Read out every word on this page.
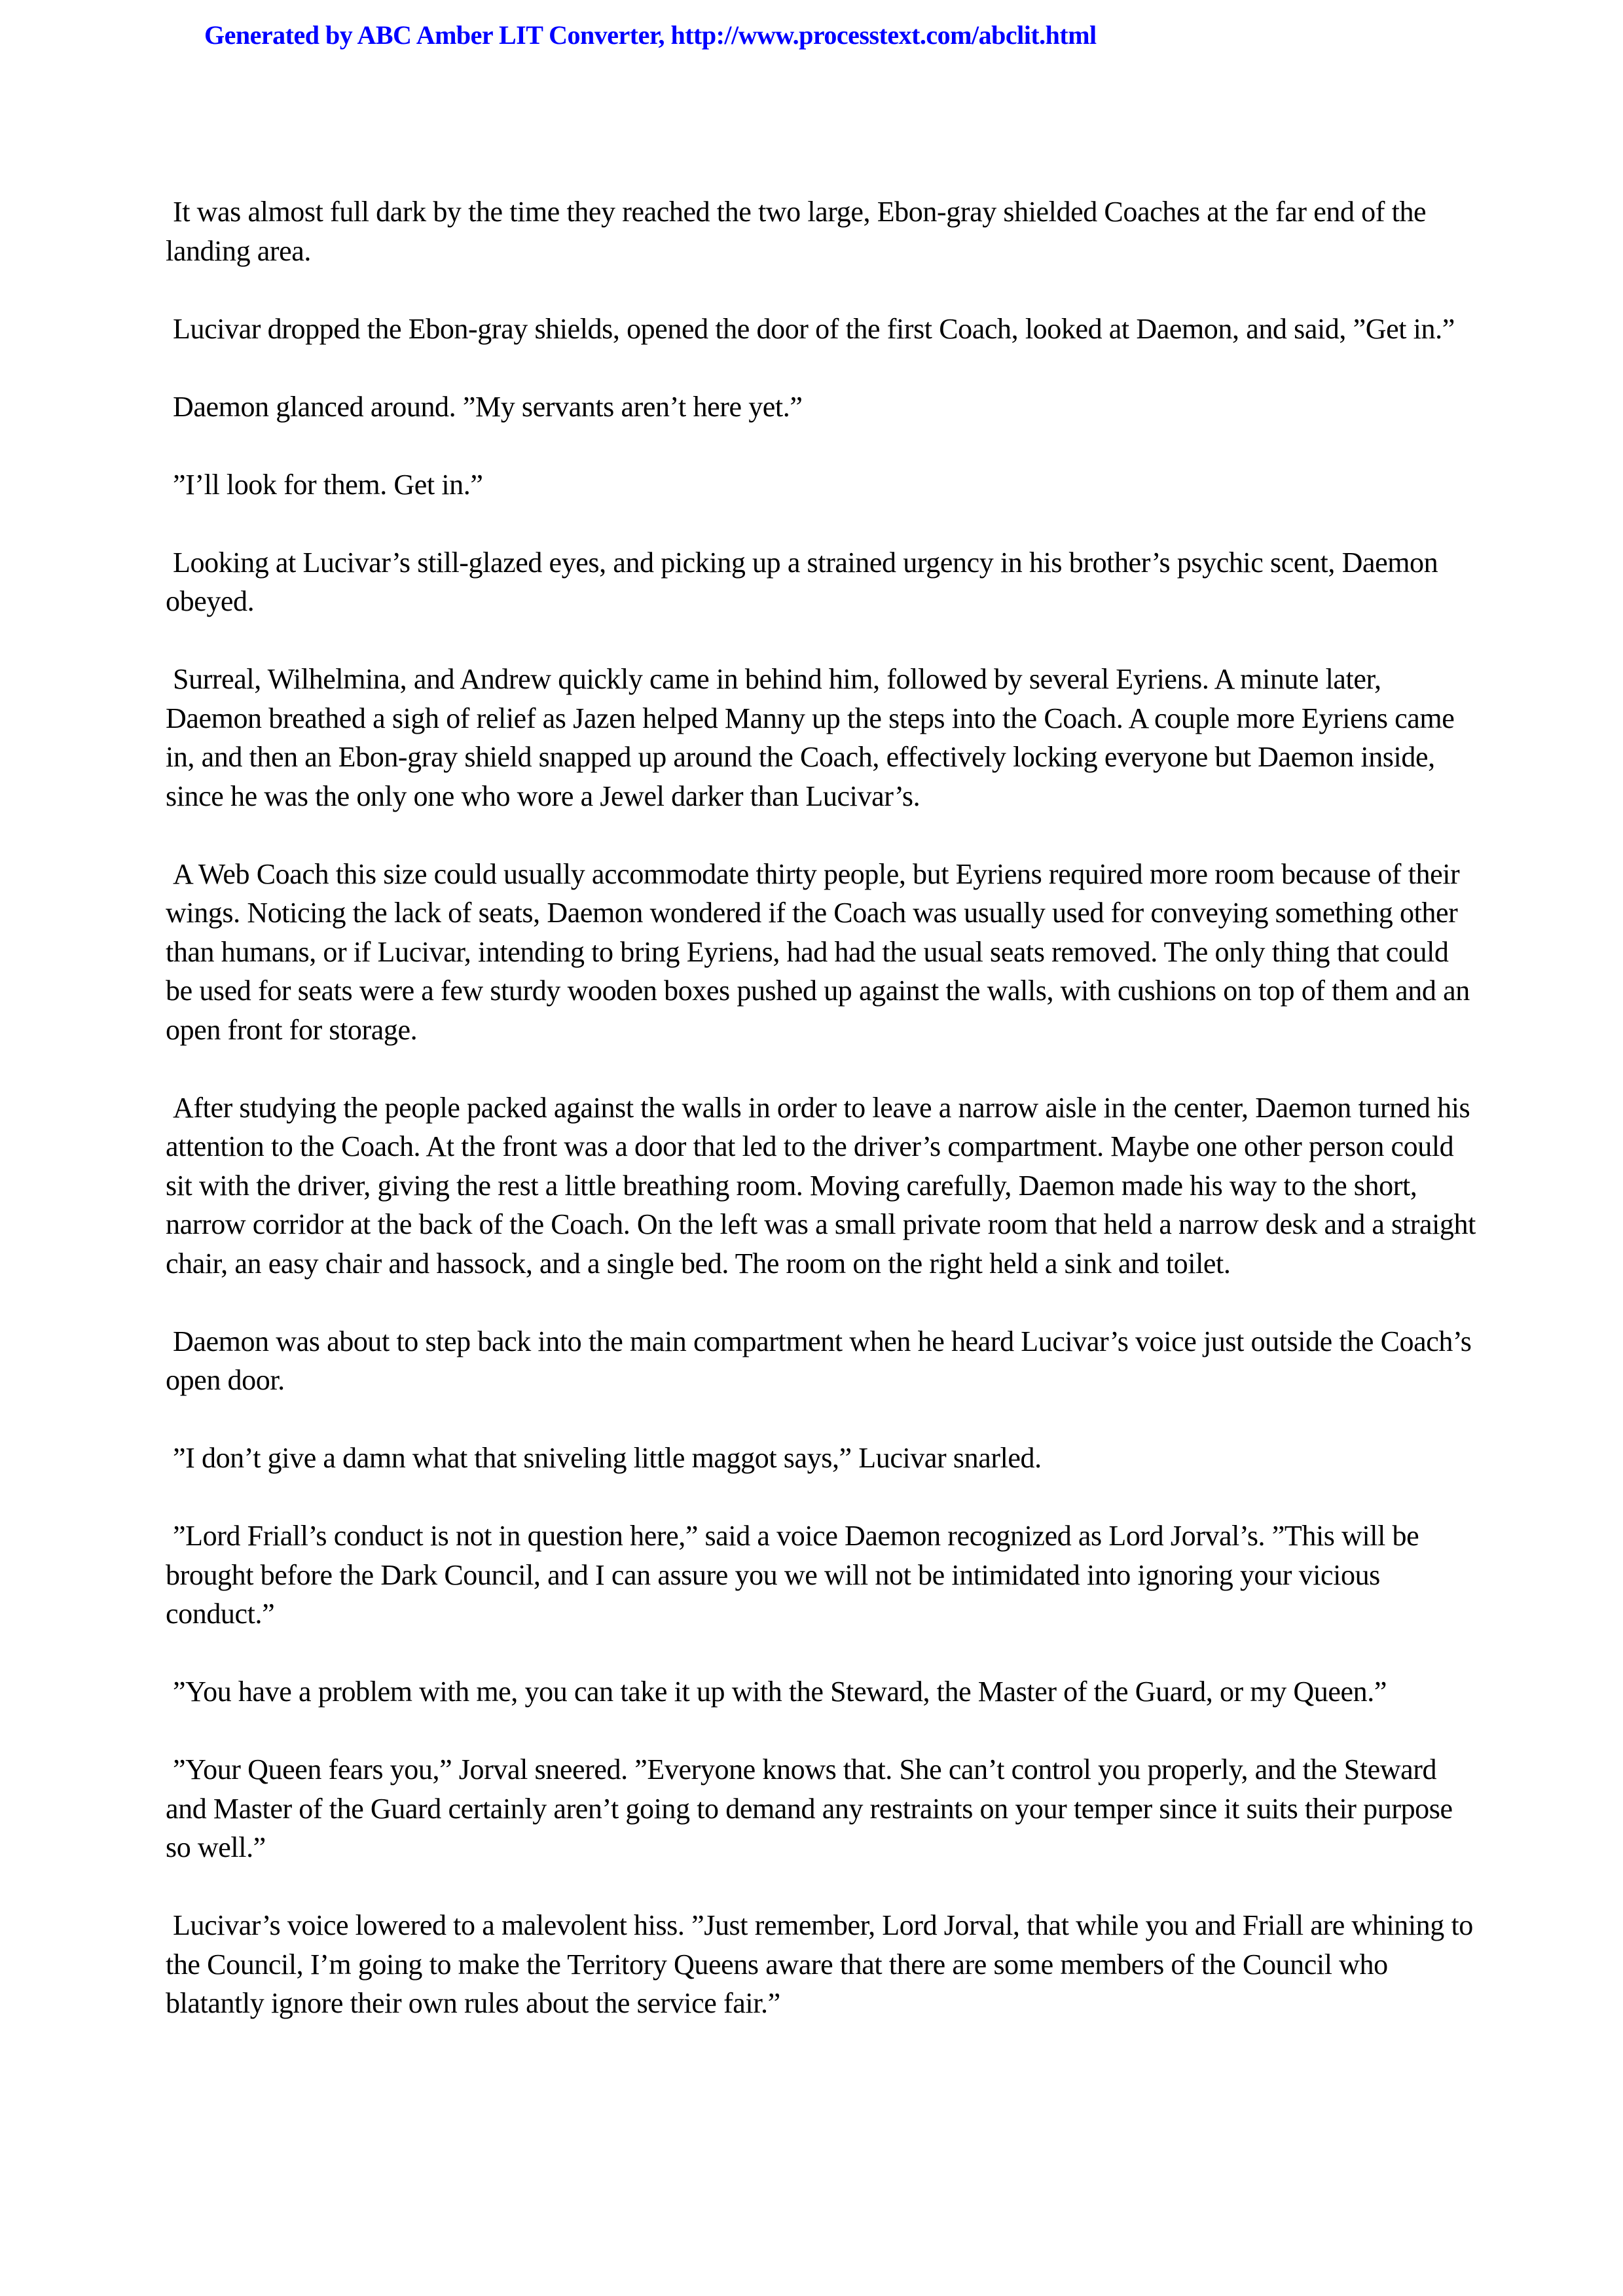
Generated by ABC Amber LIT Converter, http://www.processtext.com/abclit.html

It was almost full dark by the time they reached the two large, Ebon-gray shielded Coaches at the far end of the landing area.

Lucivar dropped the Ebon-gray shields, opened the door of the first Coach, looked at Daemon, and said, ”Get in.”

Daemon glanced around. ”My servants aren’t here yet.”

”I’ll look for them. Get in.”

Looking at Lucivar’s still-glazed eyes, and picking up a strained urgency in his brother’s psychic scent, Daemon obeyed.

Surreal, Wilhelmina, and Andrew quickly came in behind him, followed by several Eyriens. A minute later, Daemon breathed a sigh of relief as Jazen helped Manny up the steps into the Coach. A couple more Eyriens came in, and then an Ebon-gray shield snapped up around the Coach, effectively locking everyone but Daemon inside, since he was the only one who wore a Jewel darker than Lucivar’s.

A Web Coach this size could usually accommodate thirty people, but Eyriens required more room because of their wings. Noticing the lack of seats, Daemon wondered if the Coach was usually used for conveying something other than humans, or if Lucivar, intending to bring Eyriens, had had the usual seats removed. The only thing that could be used for seats were a few sturdy wooden boxes pushed up against the walls, with cushions on top of them and an open front for storage.

After studying the people packed against the walls in order to leave a narrow aisle in the center, Daemon turned his attention to the Coach. At the front was a door that led to the driver’s compartment. Maybe one other person could sit with the driver, giving the rest a little breathing room. Moving carefully, Daemon made his way to the short, narrow corridor at the back of the Coach. On the left was a small private room that held a narrow desk and a straight chair, an easy chair and hassock, and a single bed. The room on the right held a sink and toilet.

Daemon was about to step back into the main compartment when he heard Lucivar’s voice just outside the Coach’s open door.

”I don’t give a damn what that sniveling little maggot says,” Lucivar snarled.

”Lord Friall’s conduct is not in question here,” said a voice Daemon recognized as Lord Jorval’s. ”This will be brought before the Dark Council, and I can assure you we will not be intimidated into ignoring your vicious conduct.”

”You have a problem with me, you can take it up with the Steward, the Master of the Guard, or my Queen.”

”Your Queen fears you,” Jorval sneered. ”Everyone knows that. She can’t control you properly, and the Steward and Master of the Guard certainly aren’t going to demand any restraints on your temper since it suits their purpose so well.”

Lucivar’s voice lowered to a malevolent hiss. ”Just remember, Lord Jorval, that while you and Friall are whining to the Council, I’m going to make the Territory Queens aware that there are some members of the Council who blatantly ignore their own rules about the service fair.”
